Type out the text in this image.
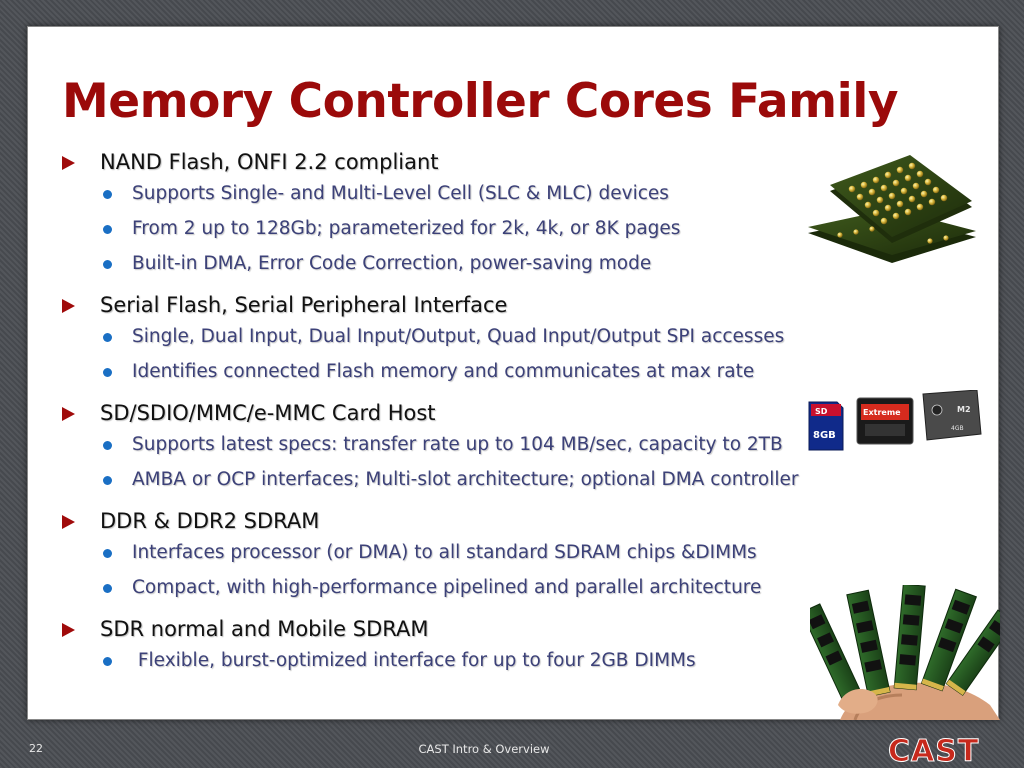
Memory Controller Cores Family
NAND Flash, ONFI 2.2 compliant
Supports Single- and Multi-Level Cell (SLC & MLC) devices
From 2 up to 128Gb; parameterized for 2k, 4k, or 8K pages
Built-in DMA, Error Code Correction, power-saving mode
Serial Flash, Serial Peripheral Interface
Single, Dual Input, Dual Input/Output, Quad Input/Output SPI accesses
Identifies connected Flash memory and communicates at max rate
SD/SDIO/MMC/e-MMC Card Host
Supports latest specs: transfer rate up to 104 MB/sec, capacity to 2TB
AMBA or OCP interfaces; Multi-slot architecture; optional DMA controller
DDR & DDR2 SDRAM
Interfaces processor (or DMA) to all standard SDRAM chips &DIMMs
Compact, with high-performance pipelined and parallel architecture
SDR normal and Mobile SDRAM
Flexible, burst-optimized interface for up to four 2GB DIMMs
SD
8GB
Extreme	M2
4GB
22	CAST Intro & Overview	CAST
